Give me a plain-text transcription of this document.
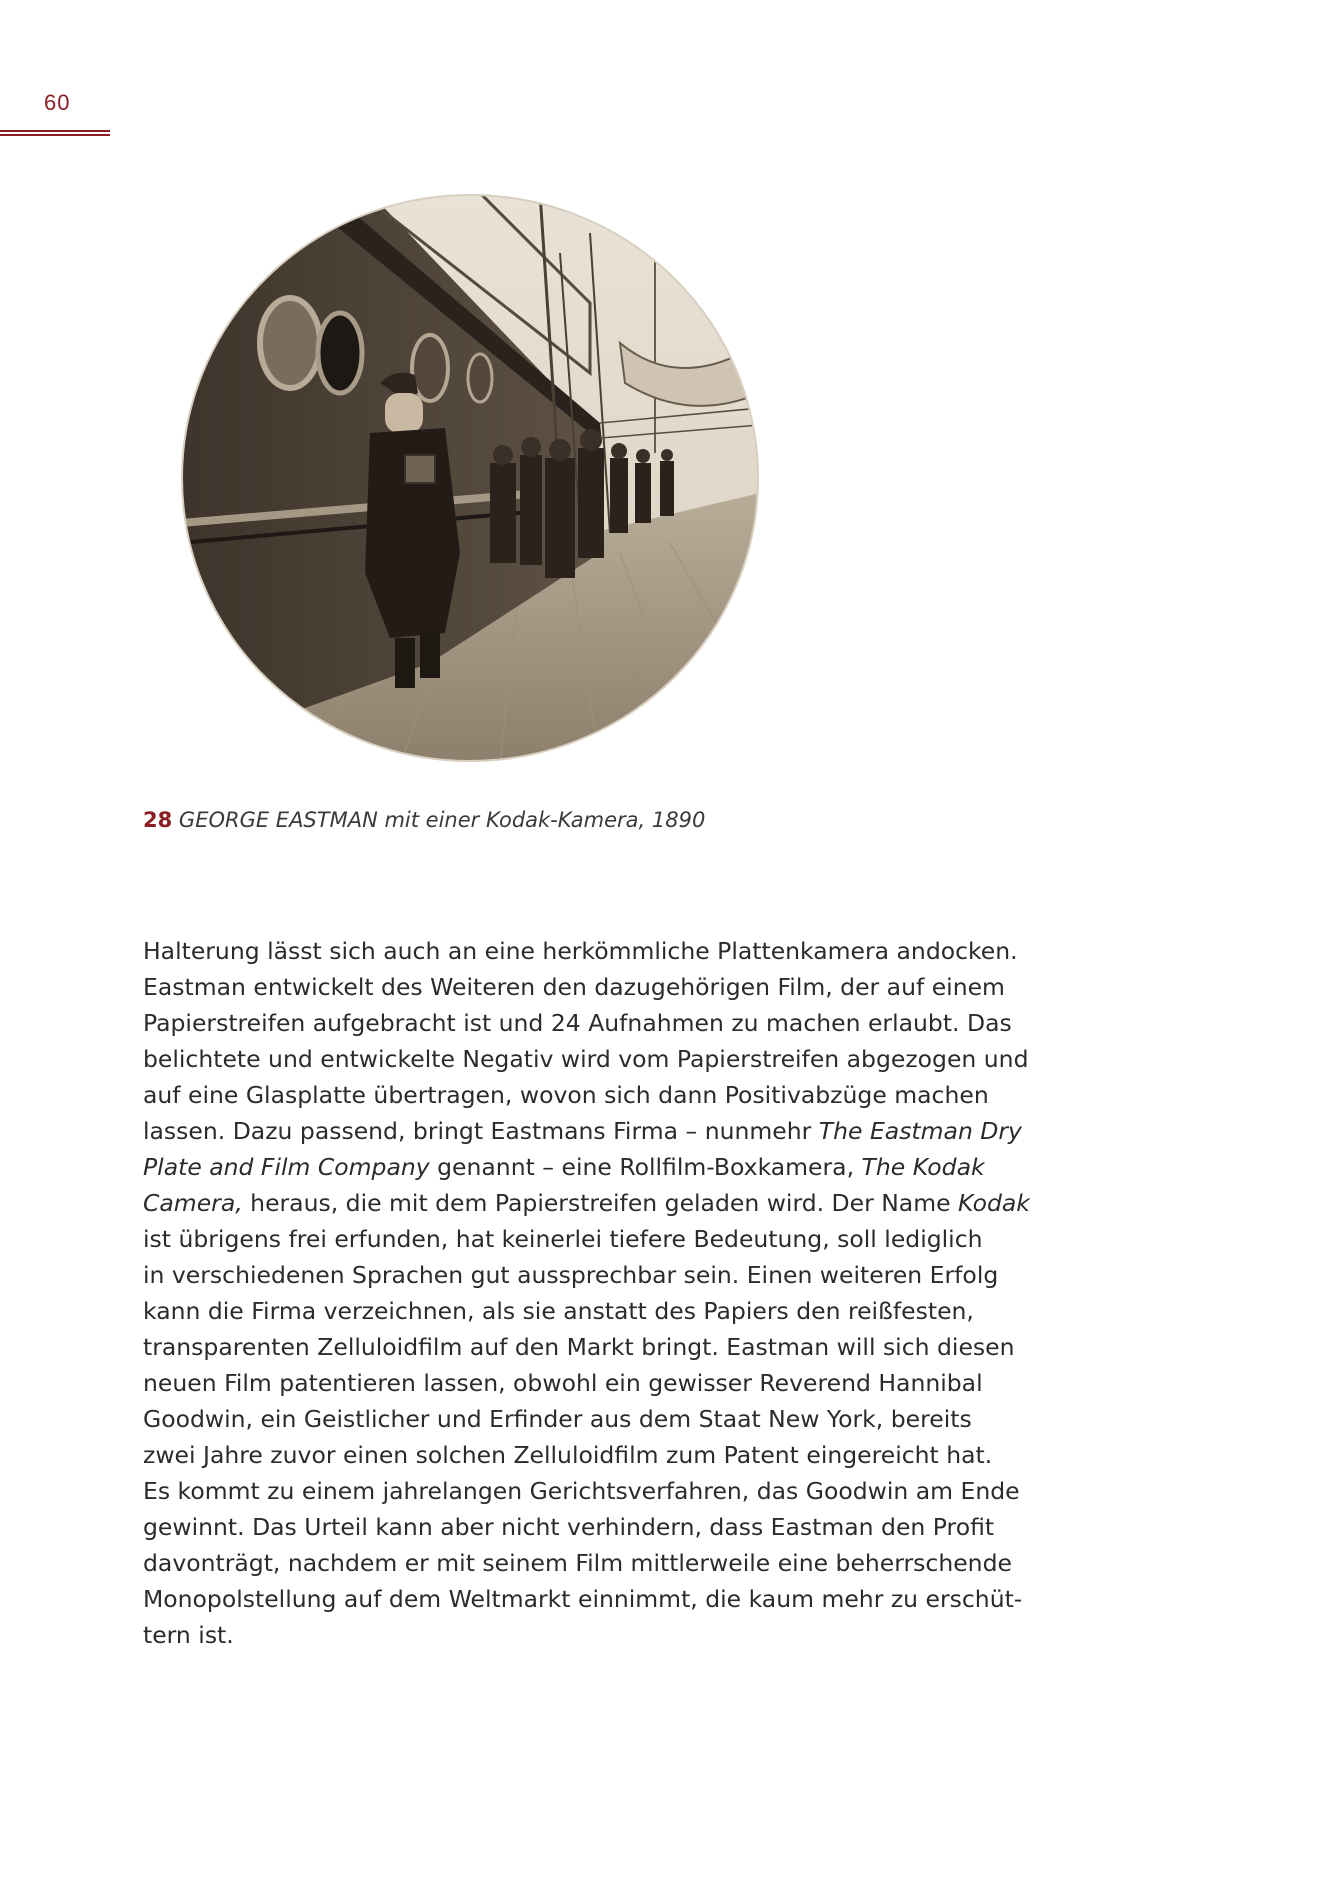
60
28 GEORGE EASTMAN mit einer Kodak-Kamera, 1890
Halterung lässt sich auch an eine herkömmliche Plattenkamera andocken.
Eastman entwickelt des Weiteren den dazugehörigen Film, der auf einem
Papierstreifen aufgebracht ist und 24 Aufnahmen zu machen erlaubt. Das
belichtete und entwickelte Negativ wird vom Papierstreifen abgezogen und
auf eine Glasplatte übertragen, wovon sich dann Positivabzüge machen
lassen. Dazu passend, bringt Eastmans Firma – nunmehr The Eastman Dry
Plate and Film Company genannt – eine Rollfilm-Boxkamera, The Kodak
Camera, heraus, die mit dem Papierstreifen geladen wird. Der Name Kodak
ist übrigens frei erfunden, hat keinerlei tiefere Bedeutung, soll lediglich
in verschiedenen Sprachen gut aussprechbar sein. Einen weiteren Erfolg
kann die Firma verzeichnen, als sie anstatt des Papiers den reißfesten,
transparenten Zelluloidfilm auf den Markt bringt. Eastman will sich diesen
neuen Film patentieren lassen, obwohl ein gewisser Reverend Hannibal
Goodwin, ein Geistlicher und Erfinder aus dem Staat New York, bereits
zwei Jahre zuvor einen solchen Zelluloidfilm zum Patent eingereicht hat.
Es kommt zu einem jahrelangen Gerichtsverfahren, das Goodwin am Ende
gewinnt. Das Urteil kann aber nicht verhindern, dass Eastman den Profit
davonträgt, nachdem er mit seinem Film mittlerweile eine beherrschende
Monopolstellung auf dem Weltmarkt einnimmt, die kaum mehr zu erschüt-
tern ist.
